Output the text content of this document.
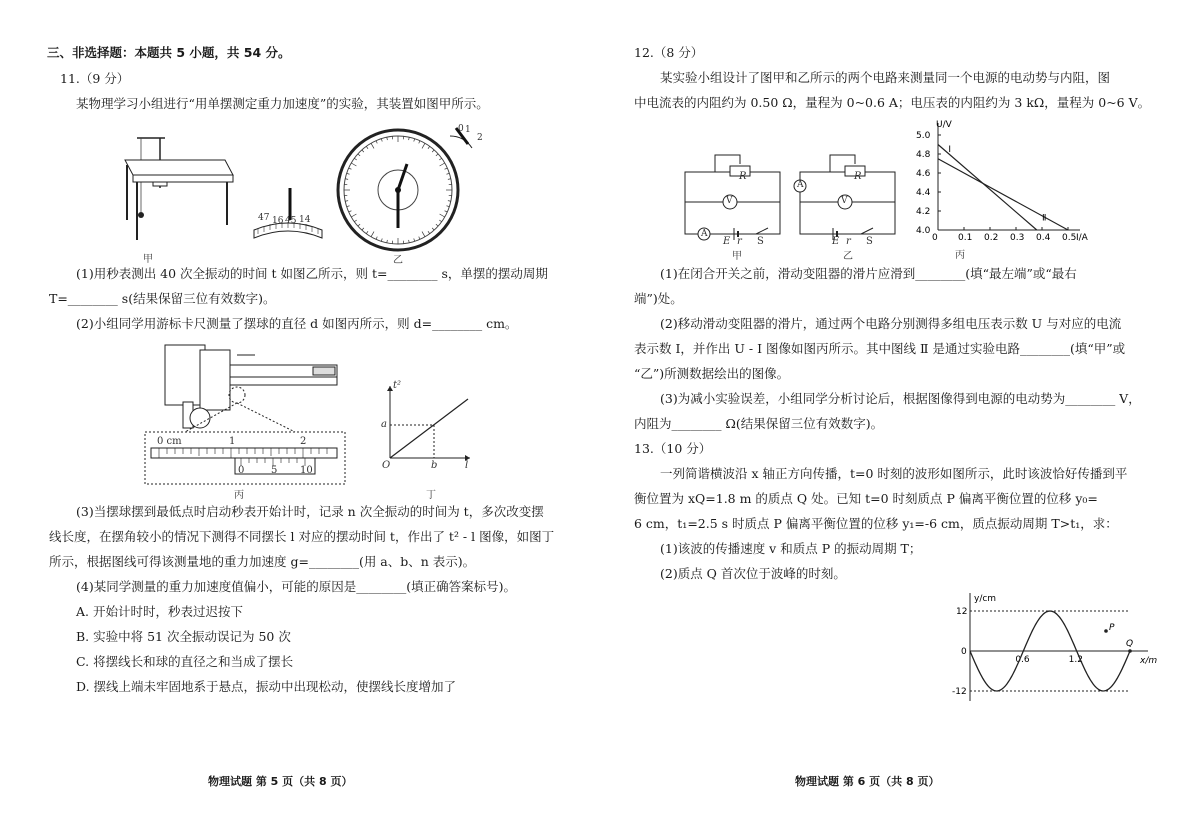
三、非选择题：本题共 5 小题，共 54 分。
11.（9 分）
某物理学习小组进行“用单摆测定重力加速度”的实验，其装置如图甲所示。
甲
47 16 45 14
0 1
2
乙
(1)用秒表测出 40 次全振动的时间 t 如图乙所示，则 t=________ s，单摆的摆动周期
T=________ s(结果保留三位有效数字)。
(2)小组同学用游标卡尺测量了摆球的直径 d 如图丙所示，则 d=________ cm。
0 cm	1	2
0	5 10
丙
t²
a
b
O	l
丁
(3)当摆球摆到最低点时启动秒表开始计时，记录 n 次全振动的时间为 t，多次改变摆
线长度，在摆角较小的情况下测得不同摆长 l 对应的摆动时间 t，作出了 t² - l 图像，如图丁
所示，根据图线可得该测量地的重力加速度 g=________(用 a、b、n 表示)。
(4)某同学测量的重力加速度值偏小，可能的原因是________(填正确答案标号)。
A. 开始计时时，秒表过迟按下
B. 实验中将 51 次全振动误记为 50 次
C. 将摆线长和球的直径之和当成了摆长
D. 摆线上端未牢固地系于悬点，振动中出现松动，使摆线长度增加了
物理试题 第 5 页（共 8 页）
12.（8 分）
某实验小组设计了图甲和乙所示的两个电路来测量同一个电源的电动势与内阻，图
中电流表的内阻约为 0.50 Ω，量程为 0~0.6 A；电压表的内阻约为 3 kΩ，量程为 0~6 V。
R
V
A
E r S
甲
R
V
A
E r S
乙
U/V
I/A
5.0
4.8
4.6
4.4
4.2
4.0
0 0.1 0.2 0.3 0.4 0.5
Ⅰ
Ⅱ
丙
(1)在闭合开关之前，滑动变阻器的滑片应滑到________(填“最左端”或“最右
端”)处。
(2)移动滑动变阻器的滑片，通过两个电路分别测得多组电压表示数 U 与对应的电流
表示数 I，并作出 U - I 图像如图丙所示。其中图线 Ⅱ 是通过实验电路________(填“甲”或
“乙”)所测数据绘出的图像。
(3)为减小实验误差，小组同学分析讨论后，根据图像得到电源的电动势为________ V，
内阻为________ Ω(结果保留三位有效数字)。
13.（10 分）
一列简谐横波沿 x 轴正方向传播，t=0 时刻的波形如图所示，此时该波恰好传播到平
衡位置为 xQ=1.8 m 的质点 Q 处。已知 t=0 时刻质点 P 偏离平衡位置的位移 y₀=
6 cm，t₁=2.5 s 时质点 P 偏离平衡位置的位移 y₁=-6 cm，质点振动周期 T>t₁，求：
(1)该波的传播速度 v 和质点 P 的振动周期 T；
(2)质点 Q 首次位于波峰的时刻。
y/cm
x/m
12
0
-12
0.6	1.2
P
Q
物理试题 第 6 页（共 8 页）
